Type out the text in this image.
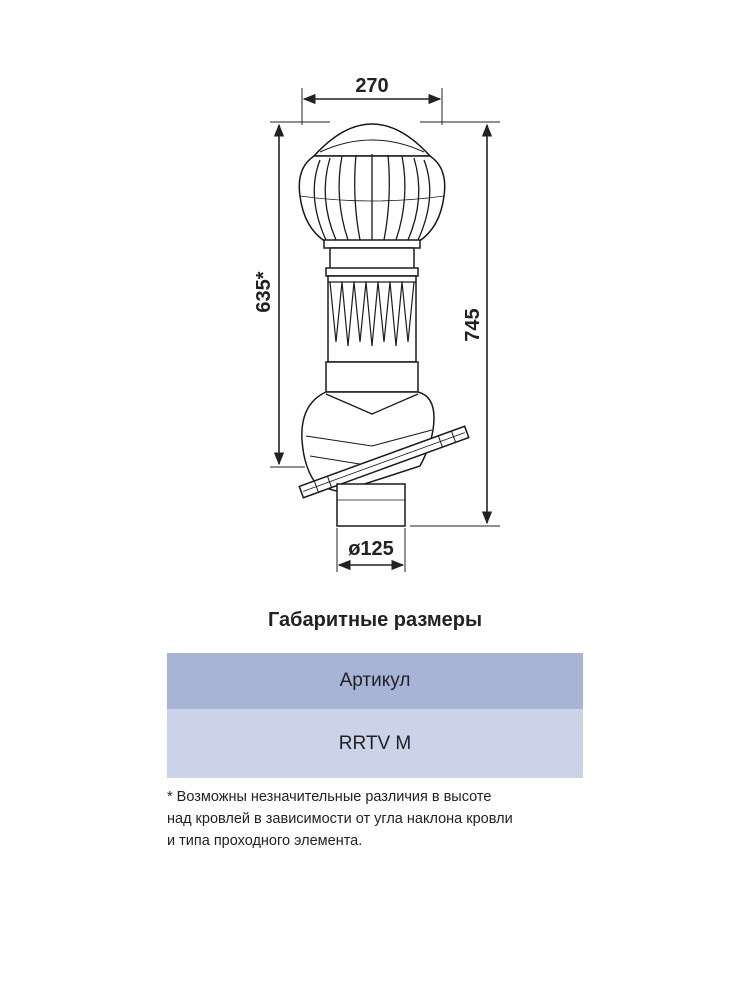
270
635*
745
ø125
Габаритные размеры
Артикул
RRTV M
* Возможны незначительные различия в высоте
над кровлей в зависимости от угла наклона кровли
и типа проходного элемента.
